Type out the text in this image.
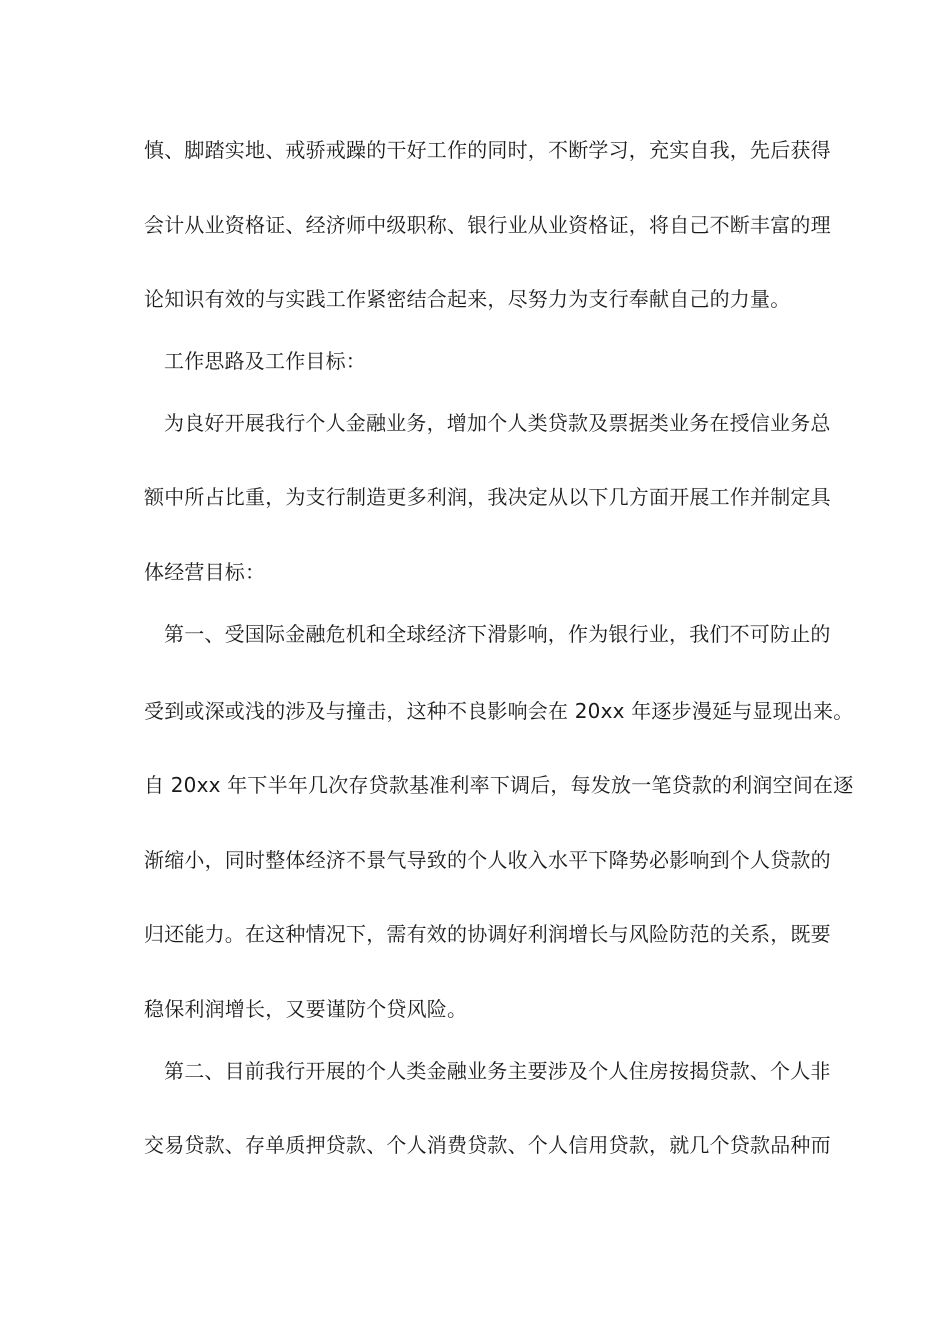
慎、脚踏实地、戒骄戒躁的干好工作的同时，不断学习，充实自我，先后获得
会计从业资格证、经济师中级职称、银行业从业资格证，将自己不断丰富的理
论知识有效的与实践工作紧密结合起来，尽努力为支行奉献自己的力量。
工作思路及工作目标：
为良好开展我行个人金融业务，增加个人类贷款及票据类业务在授信业务总
额中所占比重，为支行制造更多利润，我决定从以下几方面开展工作并制定具
体经营目标：
第一、受国际金融危机和全球经济下滑影响，作为银行业，我们不可防止的
受到或深或浅的涉及与撞击，这种不良影响会在 20xx 年逐步漫延与显现出来。
自 20xx 年下半年几次存贷款基准利率下调后，每发放一笔贷款的利润空间在逐
渐缩小，同时整体经济不景气导致的个人收入水平下降势必影响到个人贷款的
归还能力。在这种情况下，需有效的协调好利润增长与风险防范的关系，既要
稳保利润增长，又要谨防个贷风险。
第二、目前我行开展的个人类金融业务主要涉及个人住房按揭贷款、个人非
交易贷款、存单质押贷款、个人消费贷款、个人信用贷款，就几个贷款品种而
